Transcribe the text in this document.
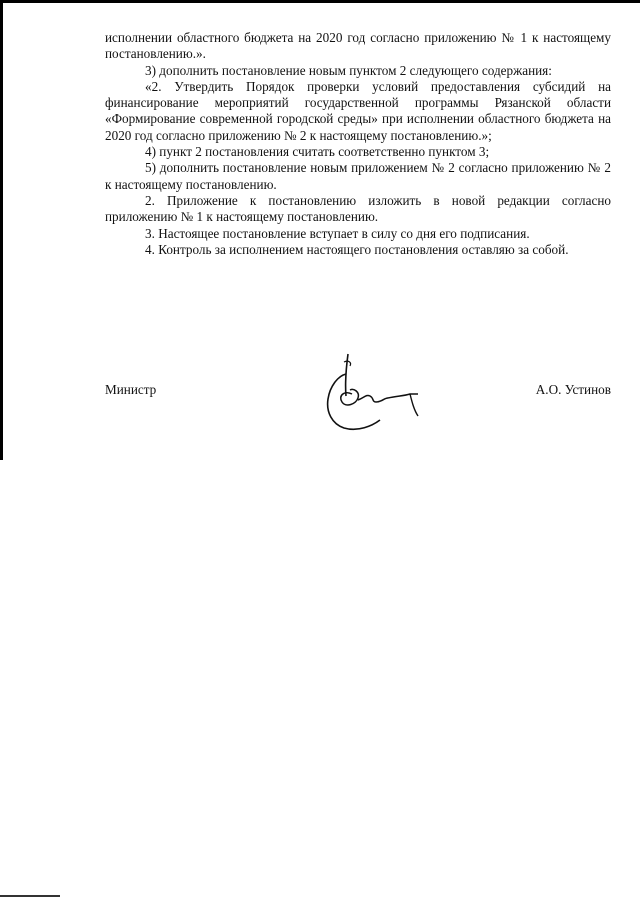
исполнении областного бюджета на 2020 год согласно приложению № 1 к настоящему постановлению.».

3) дополнить постановление новым пунктом 2 следующего содержания:

«2. Утвердить Порядок проверки условий предоставления субсидий на финансирование мероприятий государственной программы Рязанской области «Формирование современной городской среды» при исполнении областного бюджета на 2020 год согласно приложению № 2 к настоящему постановлению.»;

4) пункт 2 постановления считать соответственно пунктом 3;

5) дополнить постановление новым приложением № 2 согласно приложению № 2 к настоящему постановлению.

2. Приложение к постановлению изложить в новой редакции согласно приложению № 1 к настоящему постановлению.

3. Настоящее постановление вступает в силу со дня его подписания.

4. Контроль за исполнением настоящего постановления оставляю за собой.

Министр	А.О. Устинов
